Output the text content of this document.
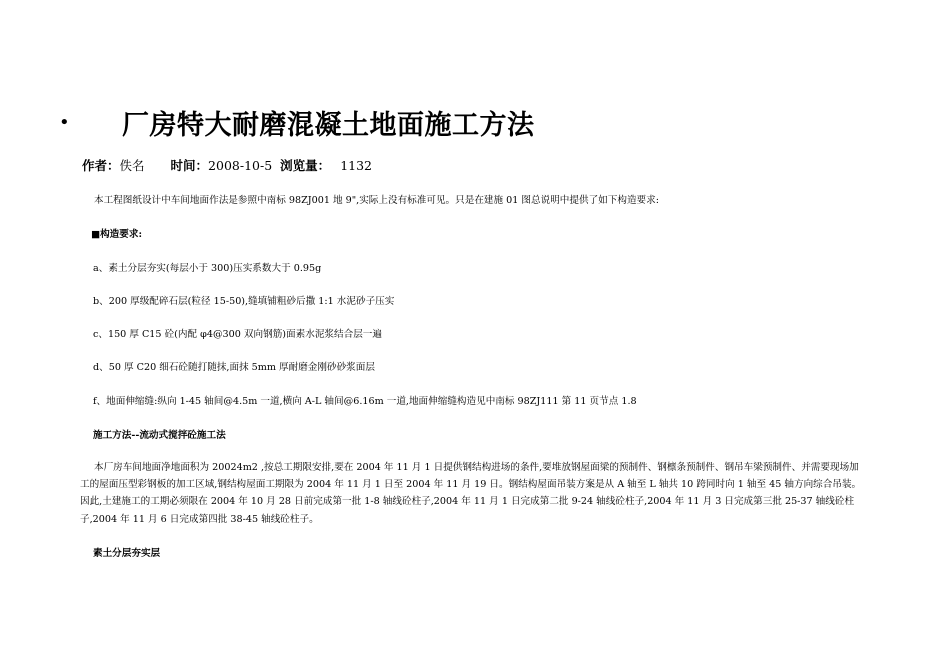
• 厂房特大耐磨混凝土地面施工方法
作者：佚名 时间：2008-10-5 浏览量： 1132
本工程图纸设计中车间地面作法是参照中南标 98ZJ001 地 9",实际上没有标准可见。只是在建施 01 图总说明中提供了如下构造要求:
■构造要求:
a、素土分层夯实(每层小于 300)压实系数大于 0.95g
b、200 厚级配碎石层(粒径 15-50),缝填铺粗砂后撒 1:1 水泥砂子压实
c、150 厚 C15 砼(内配 φ4@300 双向钢筋)面素水泥浆结合层一遍
d、50 厚 C20 细石砼随打随抹,面抹 5mm 厚耐磨金刚砂砂浆面层
f、地面伸缩缝:纵向 1-45 轴间@4.5m 一道,横向 A-L 轴间@6.16m 一道,地面伸缩缝构造见中南标 98ZJ111 第 11 页节点 1.8
施工方法--流动式搅拌砼施工法
本厂房车间地面净地面积为 20024m2 ,按总工期限安排,要在 2004 年 11 月 1 日提供钢结构进场的条件,要堆放钢屋面梁的预制件、钢檩条预制件、钢吊车梁预制件、并需要现场加
工的屋面压型彩钢板的加工区域,钢结构屋面工期限为 2004 年 11 月 1 日至 2004 年 11 月 19 日。钢结构屋面吊装方案是从 A 轴至 L 轴共 10 跨同时向 1 轴至 45 轴方向综合吊装。
因此,土建施工的工期必须限在 2004 年 10 月 28 日前完成第一批 1-8 轴线砼柱子,2004 年 11 月 1 日完成第二批 9-24 轴线砼柱子,2004 年 11 月 3 日完成第三批 25-37 轴线砼柱
子,2004 年 11 月 6 日完成第四批 38-45 轴线砼柱子。
素土分层夯实层
